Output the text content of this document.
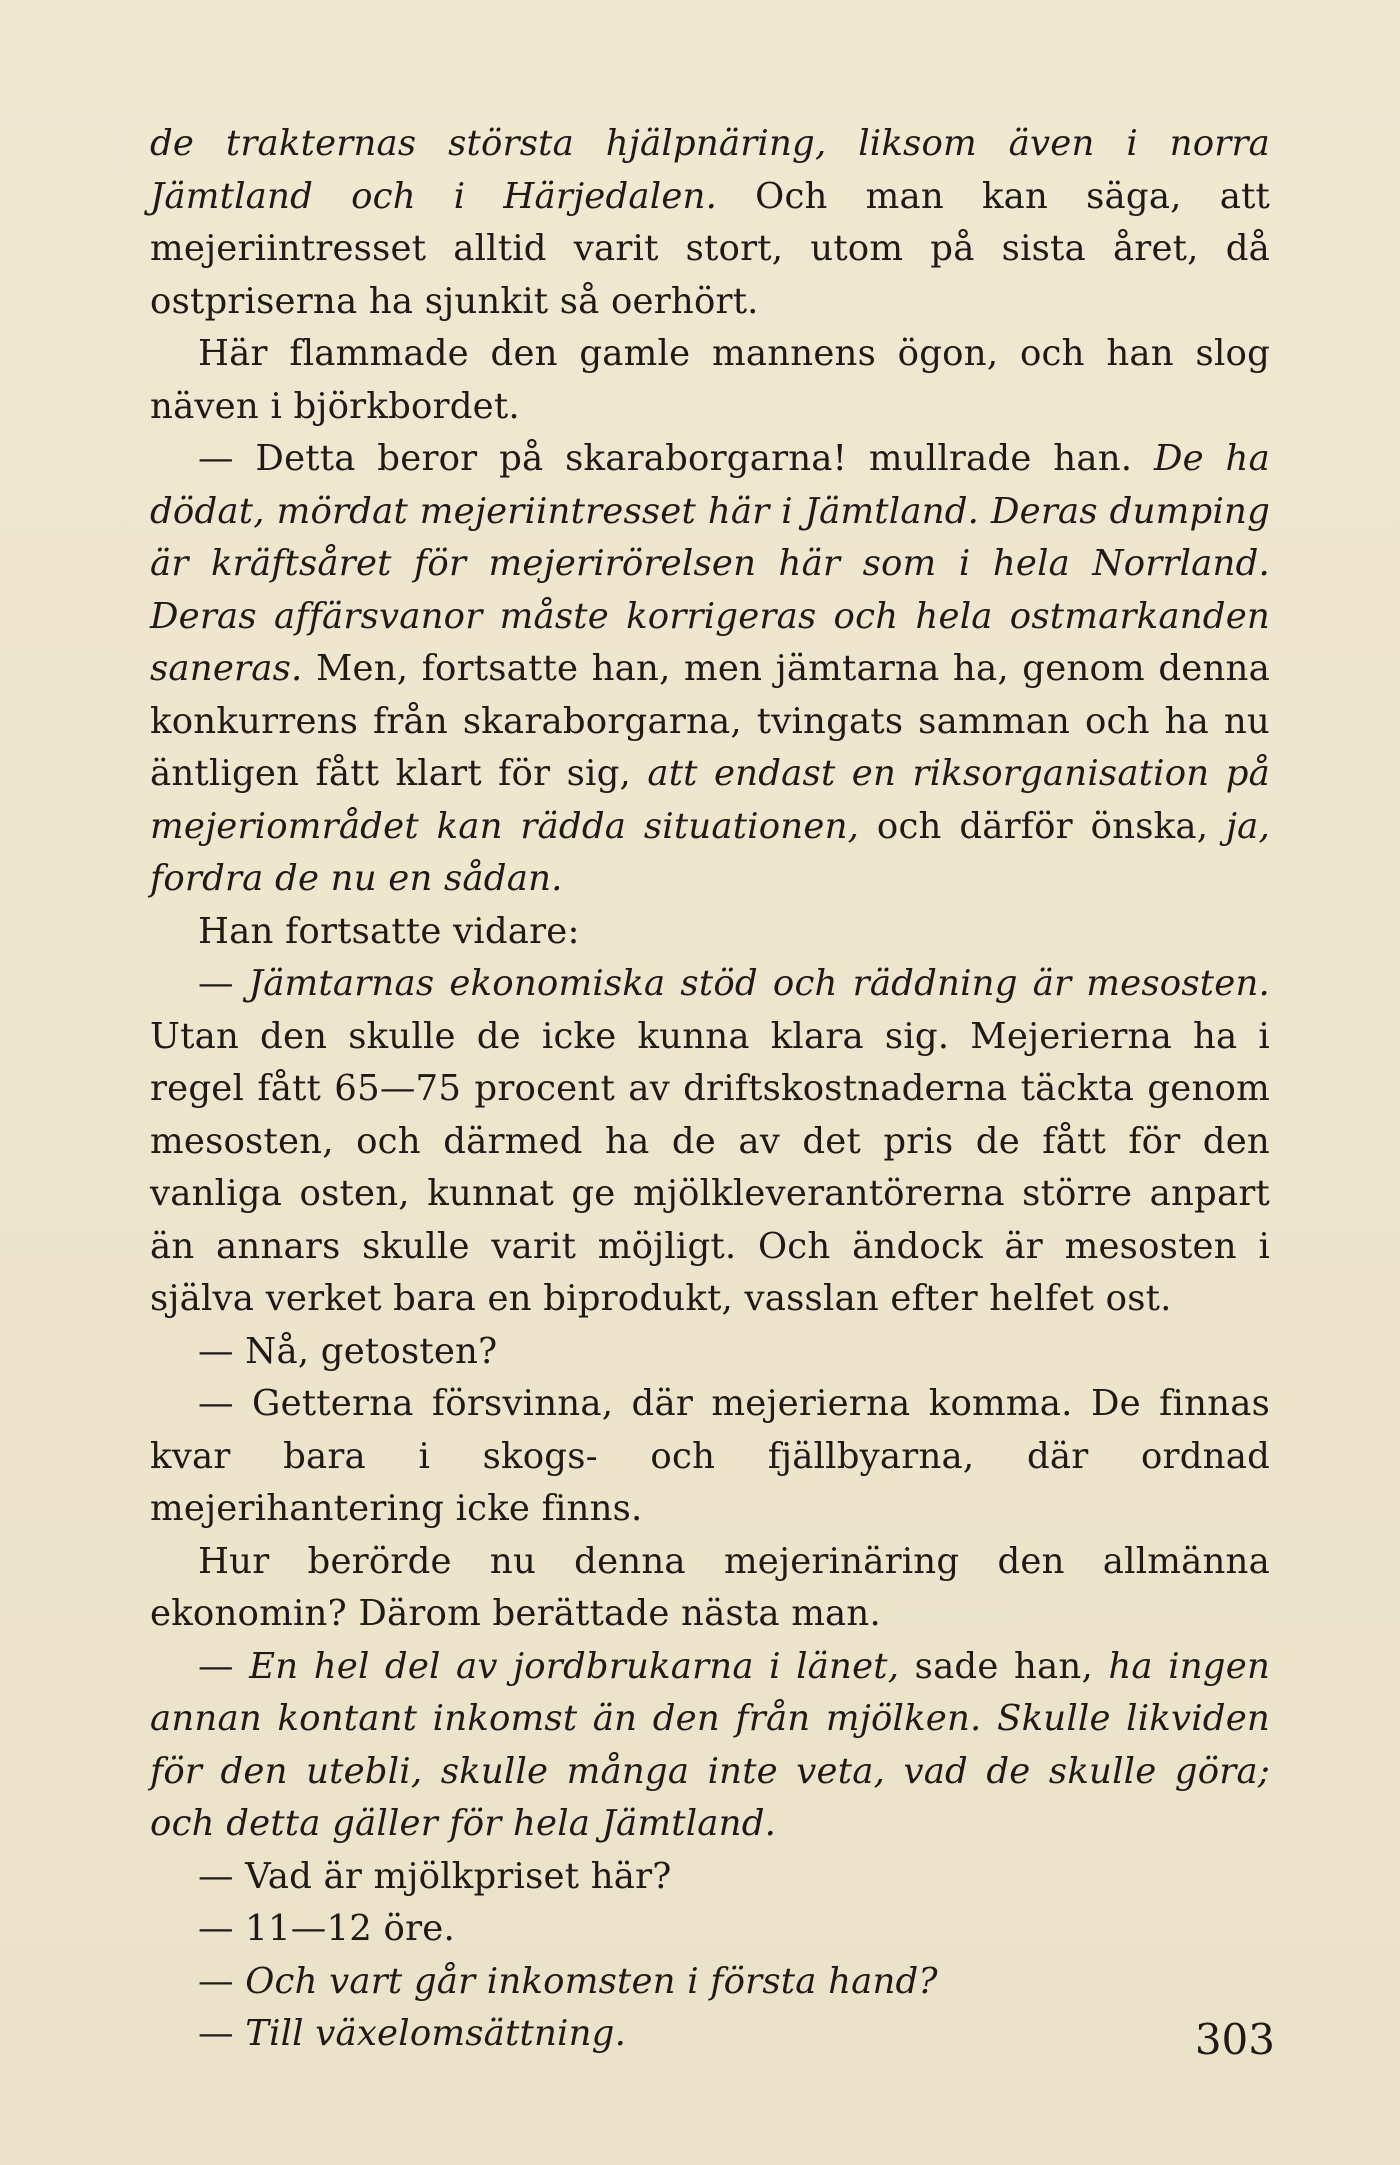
de trakternas största hjälpnäring, liksom även i norra Jämtland och i Härjedalen. Och man kan säga, att mejeriintresset alltid varit stort, utom på sista året, då ostpriserna ha sjunkit så oerhört.

Här flammade den gamle mannens ögon, och han slog näven i björkbordet.

— Detta beror på skaraborgarna! mullrade han. De ha dödat, mördat mejeriintresset här i Jämtland. Deras dumping är kräftsåret för mejerirörelsen här som i hela Norrland. Deras affärsvanor måste korrigeras och hela ostmarkanden saneras. Men, fortsatte han, men jämtarna ha, genom denna konkurrens från skaraborgarna, tvingats samman och ha nu äntligen fått klart för sig, att endast en riksorganisation på mejeriområdet kan rädda situationen, och därför önska, ja, fordra de nu en sådan.

Han fortsatte vidare:

— Jämtarnas ekonomiska stöd och räddning är mesosten. Utan den skulle de icke kunna klara sig. Mejerierna ha i regel fått 65—75 procent av driftskostnaderna täckta genom mesosten, och därmed ha de av det pris de fått för den vanliga osten, kunnat ge mjölkleverantörerna större anpart än annars skulle varit möjligt. Och ändock är mesosten i själva verket bara en biprodukt, vasslan efter helfet ost.

— Nå, getosten?

— Getterna försvinna, där mejerierna komma. De finnas kvar bara i skogs- och fjällbyarna, där ordnad mejerihantering icke finns.

Hur berörde nu denna mejerinäring den allmänna ekonomin? Därom berättade nästa man.

— En hel del av jordbrukarna i länet, sade han, ha ingen annan kontant inkomst än den från mjölken. Skulle likviden för den utebli, skulle många inte veta, vad de skulle göra; och detta gäller för hela Jämtland.

— Vad är mjölkpriset här?

— 11—12 öre.

— Och vart går inkomsten i första hand?

— Till växelomsättning.	303
